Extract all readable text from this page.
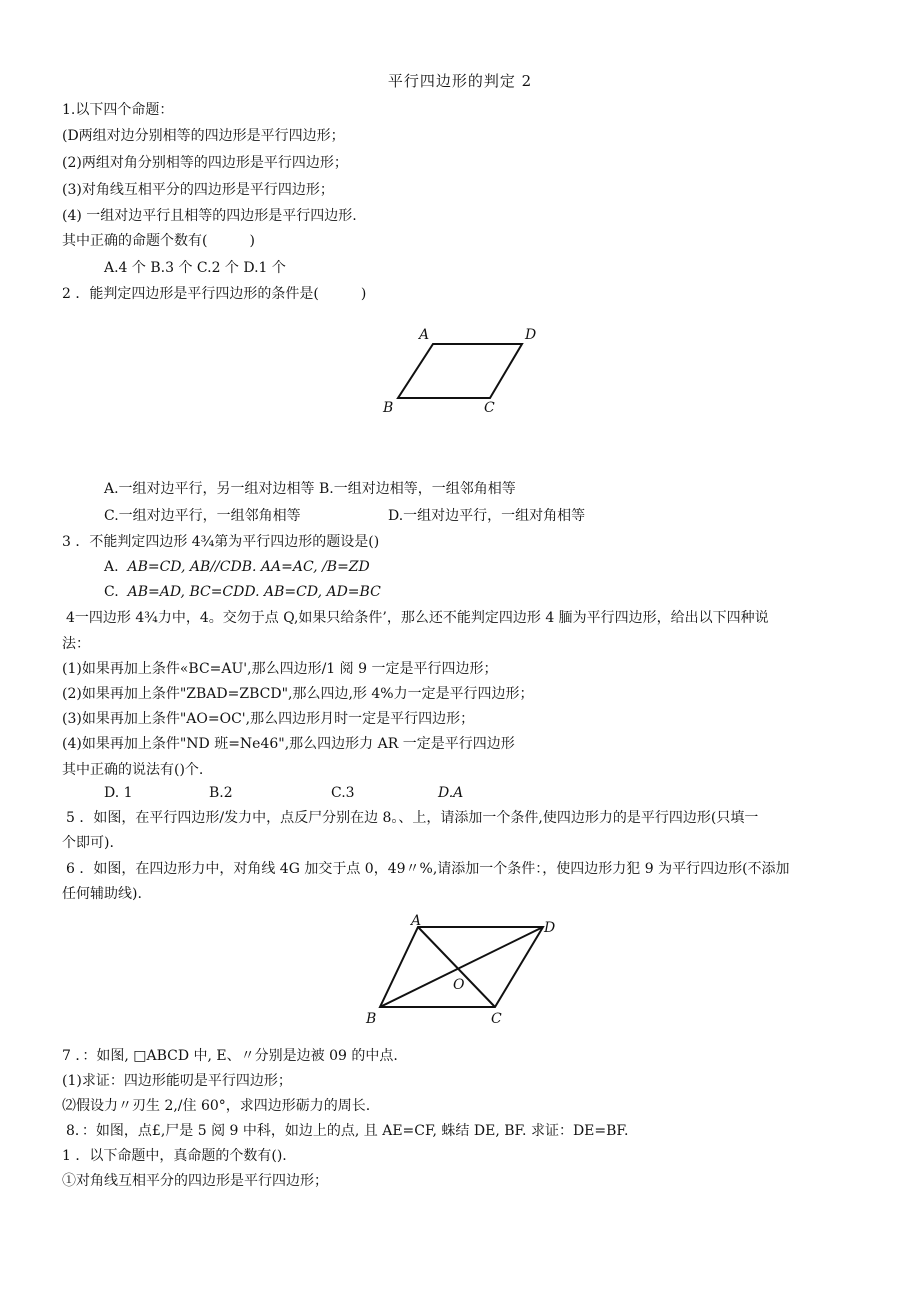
平行四边形的判定 2
1.以下四个命题：
(D两组对边分别相等的四边形是平行四边形；
(2)两组对角分别相等的四边形是平行四边形；
(3)对角线互相平分的四边形是平行四边形；
(4) 一组对边平行且相等的四边形是平行四边形.
其中正确的命题个数有(　　　)
A.4 个 B.3 个 C.2 个 D.1 个
2 ．能判定四边形是平行四边形的条件是(　　　)
A	D
B	C
A.一组对边平行，另一组对边相等 B.一组对边相等，一组邻角相等
C.一组对边平行，一组邻角相等	D.一组对边平行，一组对角相等
3 ．不能判定四边形 4¾第为平行四边形的题设是()
A. AB=CD, AB//CDB. AA=AC, /B=ZD
C. AB=AD, BC=CDD. AB=CD, AD=BC
4一四边形 4¾力中，4。交勿于点 Q,如果只给条件’，那么还不能判定四边形 4 腼为平行四边形，给出以下四种说
法：
(1)如果再加上条件«BC=AU',那么四边形/1 阅 9 一定是平行四边形；
(2)如果再加上条件"ZBAD=ZBCD",那么四边,形 4%力一定是平行四边形；
(3)如果再加上条件"AO=OC',那么四边形月时一定是平行四边形；
(4)如果再加上条件"ND 班=Ne46",那么四边形力 AR 一定是平行四边形
其中正确的说法有()个.
D. 1	B.2	C.3	D.A
5 ．如图，在平行四边形/发力中，点反尸分别在边 8。、上，请添加一个条件,使四边形力的是平行四边形(只填一
个即可).
6 ．如图，在四边形力中，对角线 4G 加交于点 0，49〃%,请添加一个条件：，使四边形力犯 9 为平行四边形(不添加
任何辅助线).
A	D
B	C
O
7 ．：如图, □ABCD 中, E、〃分别是边被 09 的中点.
(1)求证：四边形能叨是平行四边形；
⑵假设力〃刃生 2,/住 60°，求四边形砺力的周长.
8．：如图，点£,尸是 5 阅 9 中科，如边上的点, 且 AE=CF, 蛛结 DE, BF. 求证：DE=BF.
1 ．以下命题中，真命题的个数有().
①对角线互相平分的四边形是平行四边形；
